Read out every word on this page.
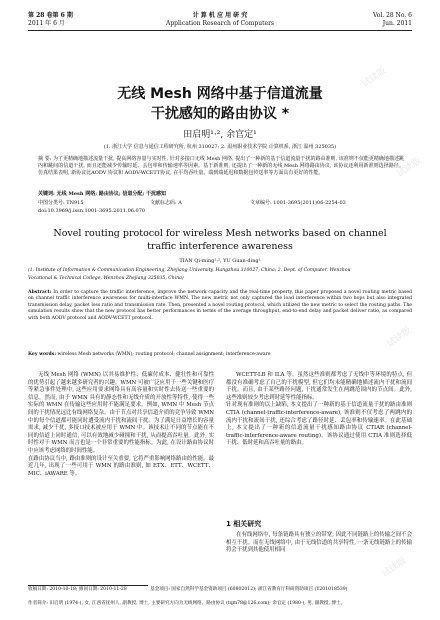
试读版
试读版
试读版
试读版
第 28 卷第 6 期
2011 年 6 月
计 算 机 应 用 研 究
Application Research of Computers
Vol. 28 No. 6
Jun. 2011
无线 Mesh 网络中基于信道流量
干扰感知的路由协议 *
田启明¹·², 余官定¹
(1. 浙江大学 信息与通信工程研究所, 杭州 310027; 2. 温州职业技术学院 计算机系, 浙江 温州 325035)
摘 要: 为了更精确地描述流量干扰, 提高网络容量与实时性, 针对多接口无线 Mesh 网络, 提出了一种新的基于信道流量干扰的路由准则, 该准则不仅能更精确地描述跳内和跳间的信道干扰, 而且还能减少传输时延、丢包率和传输速率等因素。基于新准则, 还提出了一种新的无线 Mesh 网络路由协议, 该协议还利用新准则选择路径。仿真结果表明, 新协议比AODV 协议和 AODV-WCETT协议, 在平均吞吐量、端到端延迟和数据包传送率等方面具有更好的性能。
关键词: 无线 Mesh 网络; 路由协议; 信道分配; 干扰感知
中图分类号: TN915	文献标志码: A	文章编号: 1001-3695(2011)06-2254-03
doi:10.3969/j.issn.1001-3695.2011.06.070
Novel routing protocol for wireless Mesh networks based on channel
traffic interference awareness
TIAN Qi-ming¹·², YU Guan-ding¹
(1. Institute of Information & Communication Engineering, Zhejiang University, Hangzhou 310027, China; 2. Dept. of Computer, Wenzhou
Vocational & Technical College, Wenzhou Zhejiang 325035, China)
Abstract: In order to capture the traffic interference, improve the network capacity and the real-time property, this paper proposed a novel routing metric based on channel traffic interference awareness for multi-interface WMN. The new metric not only captured the load interference within two hops but also integrated transmission delay, packet loss ratio and transmission rate. Then, presented a novel routing protocol, which utilized the new metric to select the routing paths. The simulation results show that the new protocol has better performances in terms of the average throughput, end-to-end delay and packet deliver ratio, as compared with both AODV protocol and AODV-WCETT protocol.
Key words: wireless Mesh networks (WMN); routing protocol; channel assignment; interference-aware
无线 Mesh 网络 (WMN) 以其易维护性、低廉付成本、健壮性和可靠性的优势引起了越来越多研究者的兴趣。WMN 可被广泛应用于一些关键和医疗等紧急事件处理中, 这些应用要求网络具有高容量和实时性去传送一些重要的信息。然而, 由于 WMN 具有的静态性和无线介质的开放性等特性, 使得一些实际的 WMN 在传输这些应用时不能满足要求。例如, WMN 中 Mesh 节点间的干扰情况远比有线网络复杂。由于节点对共享信道介质的竞争导致 WMN 中的每个信道都可能同时遭受流内干扰和流间干扰。为了满足日益增长的容量需求, 减少干扰, 多接口技术被应用于 WMN 中。该技术让不同的节点能在不同的信道上同时通信, 可以有效地减少碰撞和干扰, 从而提高吞吐量。此外, 实时性对于 WMN 而言也是一个非常重要的性能指标。为此, 在设计路由协议时中应该考虑网络的时间性能。
在路由协议当中, 路由准则的设计至关重要, 它将严重影响网络路由的性能。最近几年, 出现了一些可用于 WMN 的路由准则, 如 ETX、ETT、WCETT、MIC、iAWARE 等。
WCETT-LB 和 ILA 等。虽然这些准则都考虑了无线中等环境的特点, 但都没有准确考虑了自己的干扰模型, 但它们均未能精确地描述流内干扰和流间干扰。而且, 由于某些路径问题, 干扰通常发生在两跳范围内的节点间。此外, 这些准则较少考虑到时延等性能指标。
针对现有准则的以上缺陷, 本文提出了一种新的基于信道流量干扰的路由准则 CTIA (channel-traffic-interference-aware), 该准则不仅考虑了两跳内的流内干扰和流间干扰, 还综合考虑了路径时延、丢包率和传输速率。在此基础上, 本文提出了一种新的信道流量干扰感知路由协议 CTIAR (channel-traffic-interference-aware routing)。该协议通过使用 CTIA 准则选择低干扰、低时延和高吞吐量的路由。
1 相关研究
在有线网络中, 每条链路具有独立的带宽, 因此不同链路上的传输之间不会相互干扰。而在无线网络中, 由于无线信道的共享特性, 一条无线链路上的传输将会干扰到其他使用相同
收稿日期: 2010-10-18; 修回日期: 2010-11-28	基金项目: 国家自然科学基金资助项目 (60802012); 浙江省教育厅科研资助项目 (Y201018539)
作者简介: 田启明 (1974-), 女, 江西省抚州人, 副教授, 博士, 主要研究方向为无线网络、路由协议 (tqm78@126.com); 余官定 (1980-), 男, 副教授, 博士。
